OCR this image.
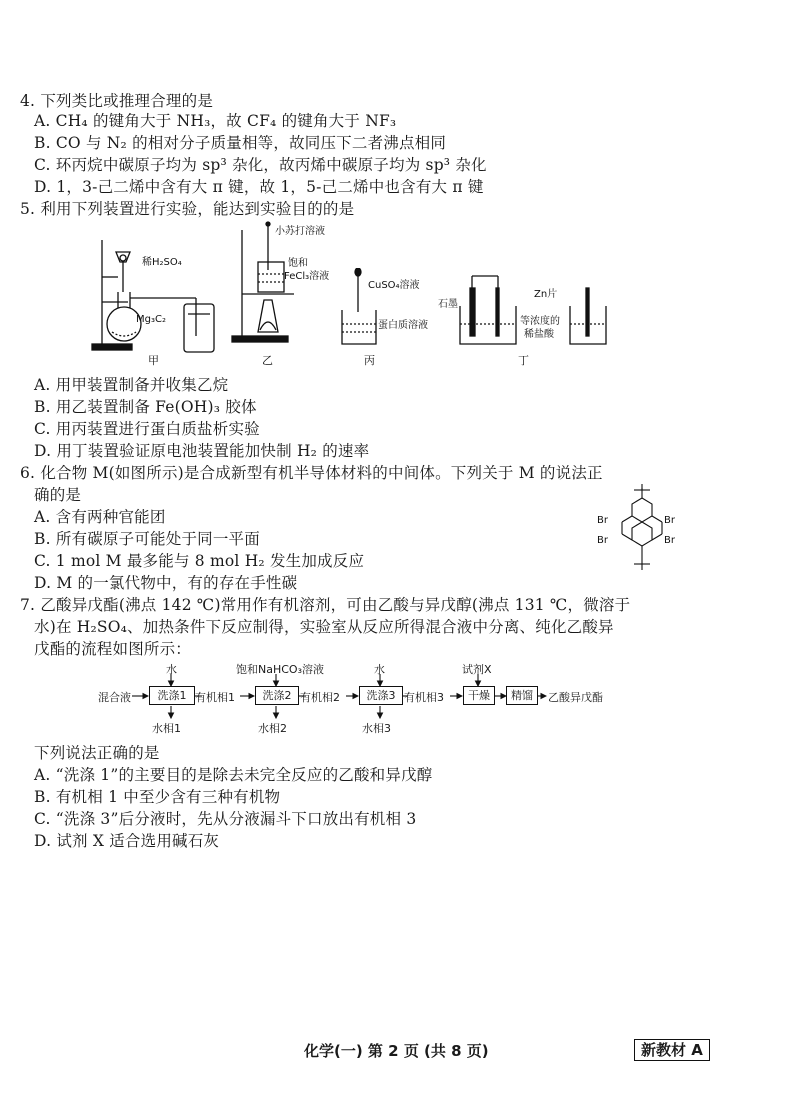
4. 下列类比或推理合理的是
A. CH₄ 的键角大于 NH₃，故 CF₄ 的键角大于 NF₃
B. CO 与 N₂ 的相对分子质量相等，故同压下二者沸点相同
C. 环丙烷中碳原子均为 sp³ 杂化，故丙烯中碳原子均为 sp³ 杂化
D. 1，3-己二烯中含有大 π 键，故 1，5-己二烯中也含有大 π 键
5. 利用下列装置进行实验，能达到实验目的的是
稀H₂SO₄
Mg₃C₂
甲
小苏打溶液
饱和
FeCl₃溶液
乙
CuSO₄溶液
蛋白质溶液
丙
石墨
Zn片
等浓度的
稀盐酸
丁
A. 用甲装置制备并收集乙烷
B. 用乙装置制备 Fe(OH)₃ 胶体
C. 用丙装置进行蛋白质盐析实验
D. 用丁装置验证原电池装置能加快制 H₂ 的速率
6. 化合物 M(如图所示)是合成新型有机半导体材料的中间体。下列关于 M 的说法正
确的是
A. 含有两种官能团
B. 所有碳原子可能处于同一平面
C. 1 mol M 最多能与 8 mol H₂ 发生加成反应
D. M 的一氯代物中，有的存在手性碳
Br	Br
Br	Br
7. 乙酸异戊酯(沸点 142 ℃)常用作有机溶剂，可由乙酸与异戊醇(沸点 131 ℃，微溶于
水)在 H₂SO₄、加热条件下反应制得，实验室从反应所得混合液中分离、纯化乙酸异
戊酯的流程如图所示：
混合液	洗涤1 有机相1	洗涤2 有机相2	洗涤3 有机相3	干燥	精馏	乙酸异戊酯
水	饱和NaHCO₃溶液	水	试剂X
水相1	水相2	水相3
下列说法正确的是
A. “洗涤 1”的主要目的是除去未完全反应的乙酸和异戊醇
B. 有机相 1 中至少含有三种有机物
C. “洗涤 3”后分液时，先从分液漏斗下口放出有机相 3
D. 试剂 X 适合选用碱石灰
化学(一) 第 2 页 (共 8 页)	新教材 A
